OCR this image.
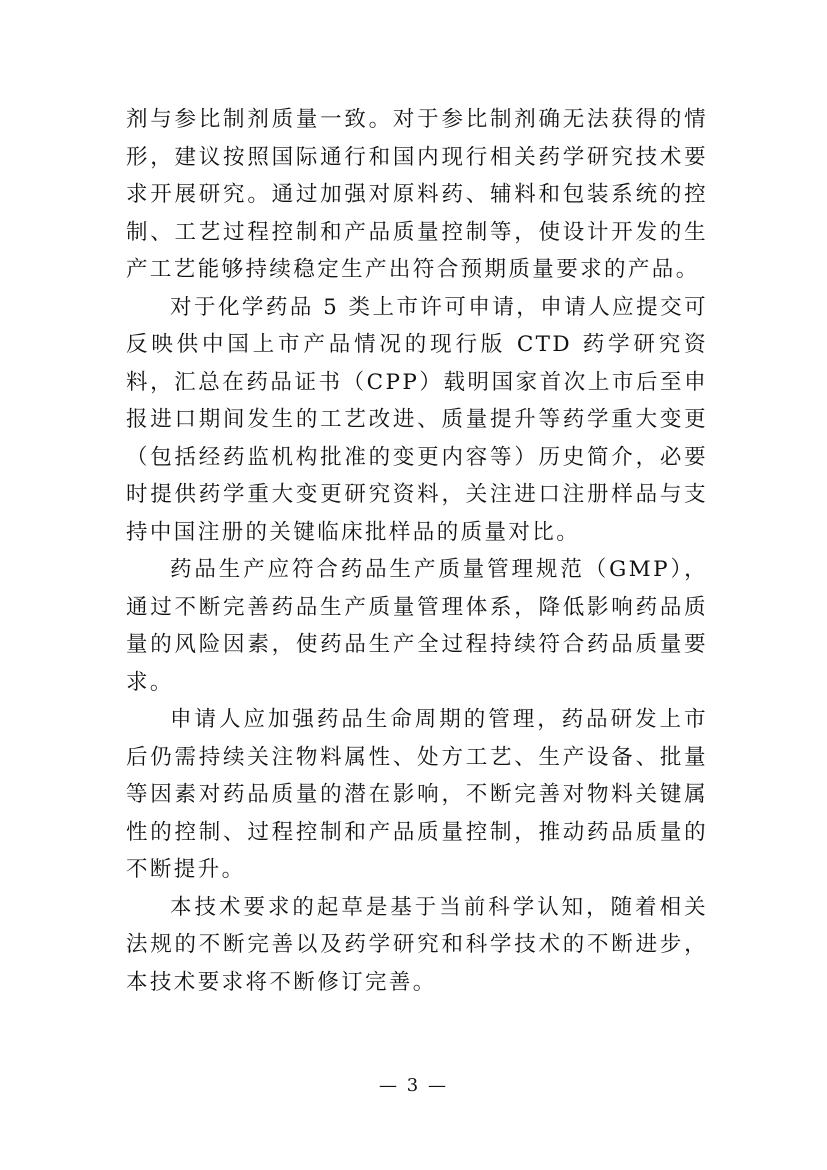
剂与参比制剂质量一致。对于参比制剂确无法获得的情形，建议按照国际通行和国内现行相关药学研究技术要求开展研究。通过加强对原料药、辅料和包装系统的控制、工艺过程控制和产品质量控制等，使设计开发的生产工艺能够持续稳定生产出符合预期质量要求的产品。

对于化学药品 5 类上市许可申请，申请人应提交可反映供中国上市产品情况的现行版 CTD 药学研究资料，汇总在药品证书（CPP）载明国家首次上市后至申报进口期间发生的工艺改进、质量提升等药学重大变更（包括经药监机构批准的变更内容等）历史简介，必要时提供药学重大变更研究资料，关注进口注册样品与支持中国注册的关键临床批样品的质量对比。

药品生产应符合药品生产质量管理规范（GMP），通过不断完善药品生产质量管理体系，降低影响药品质量的风险因素，使药品生产全过程持续符合药品质量要求。

申请人应加强药品生命周期的管理，药品研发上市后仍需持续关注物料属性、处方工艺、生产设备、批量等因素对药品质量的潜在影响，不断完善对物料关键属性的控制、过程控制和产品质量控制，推动药品质量的不断提升。

本技术要求的起草是基于当前科学认知，随着相关法规的不断完善以及药学研究和科学技术的不断进步，本技术要求将不断修订完善。

— 3 —
